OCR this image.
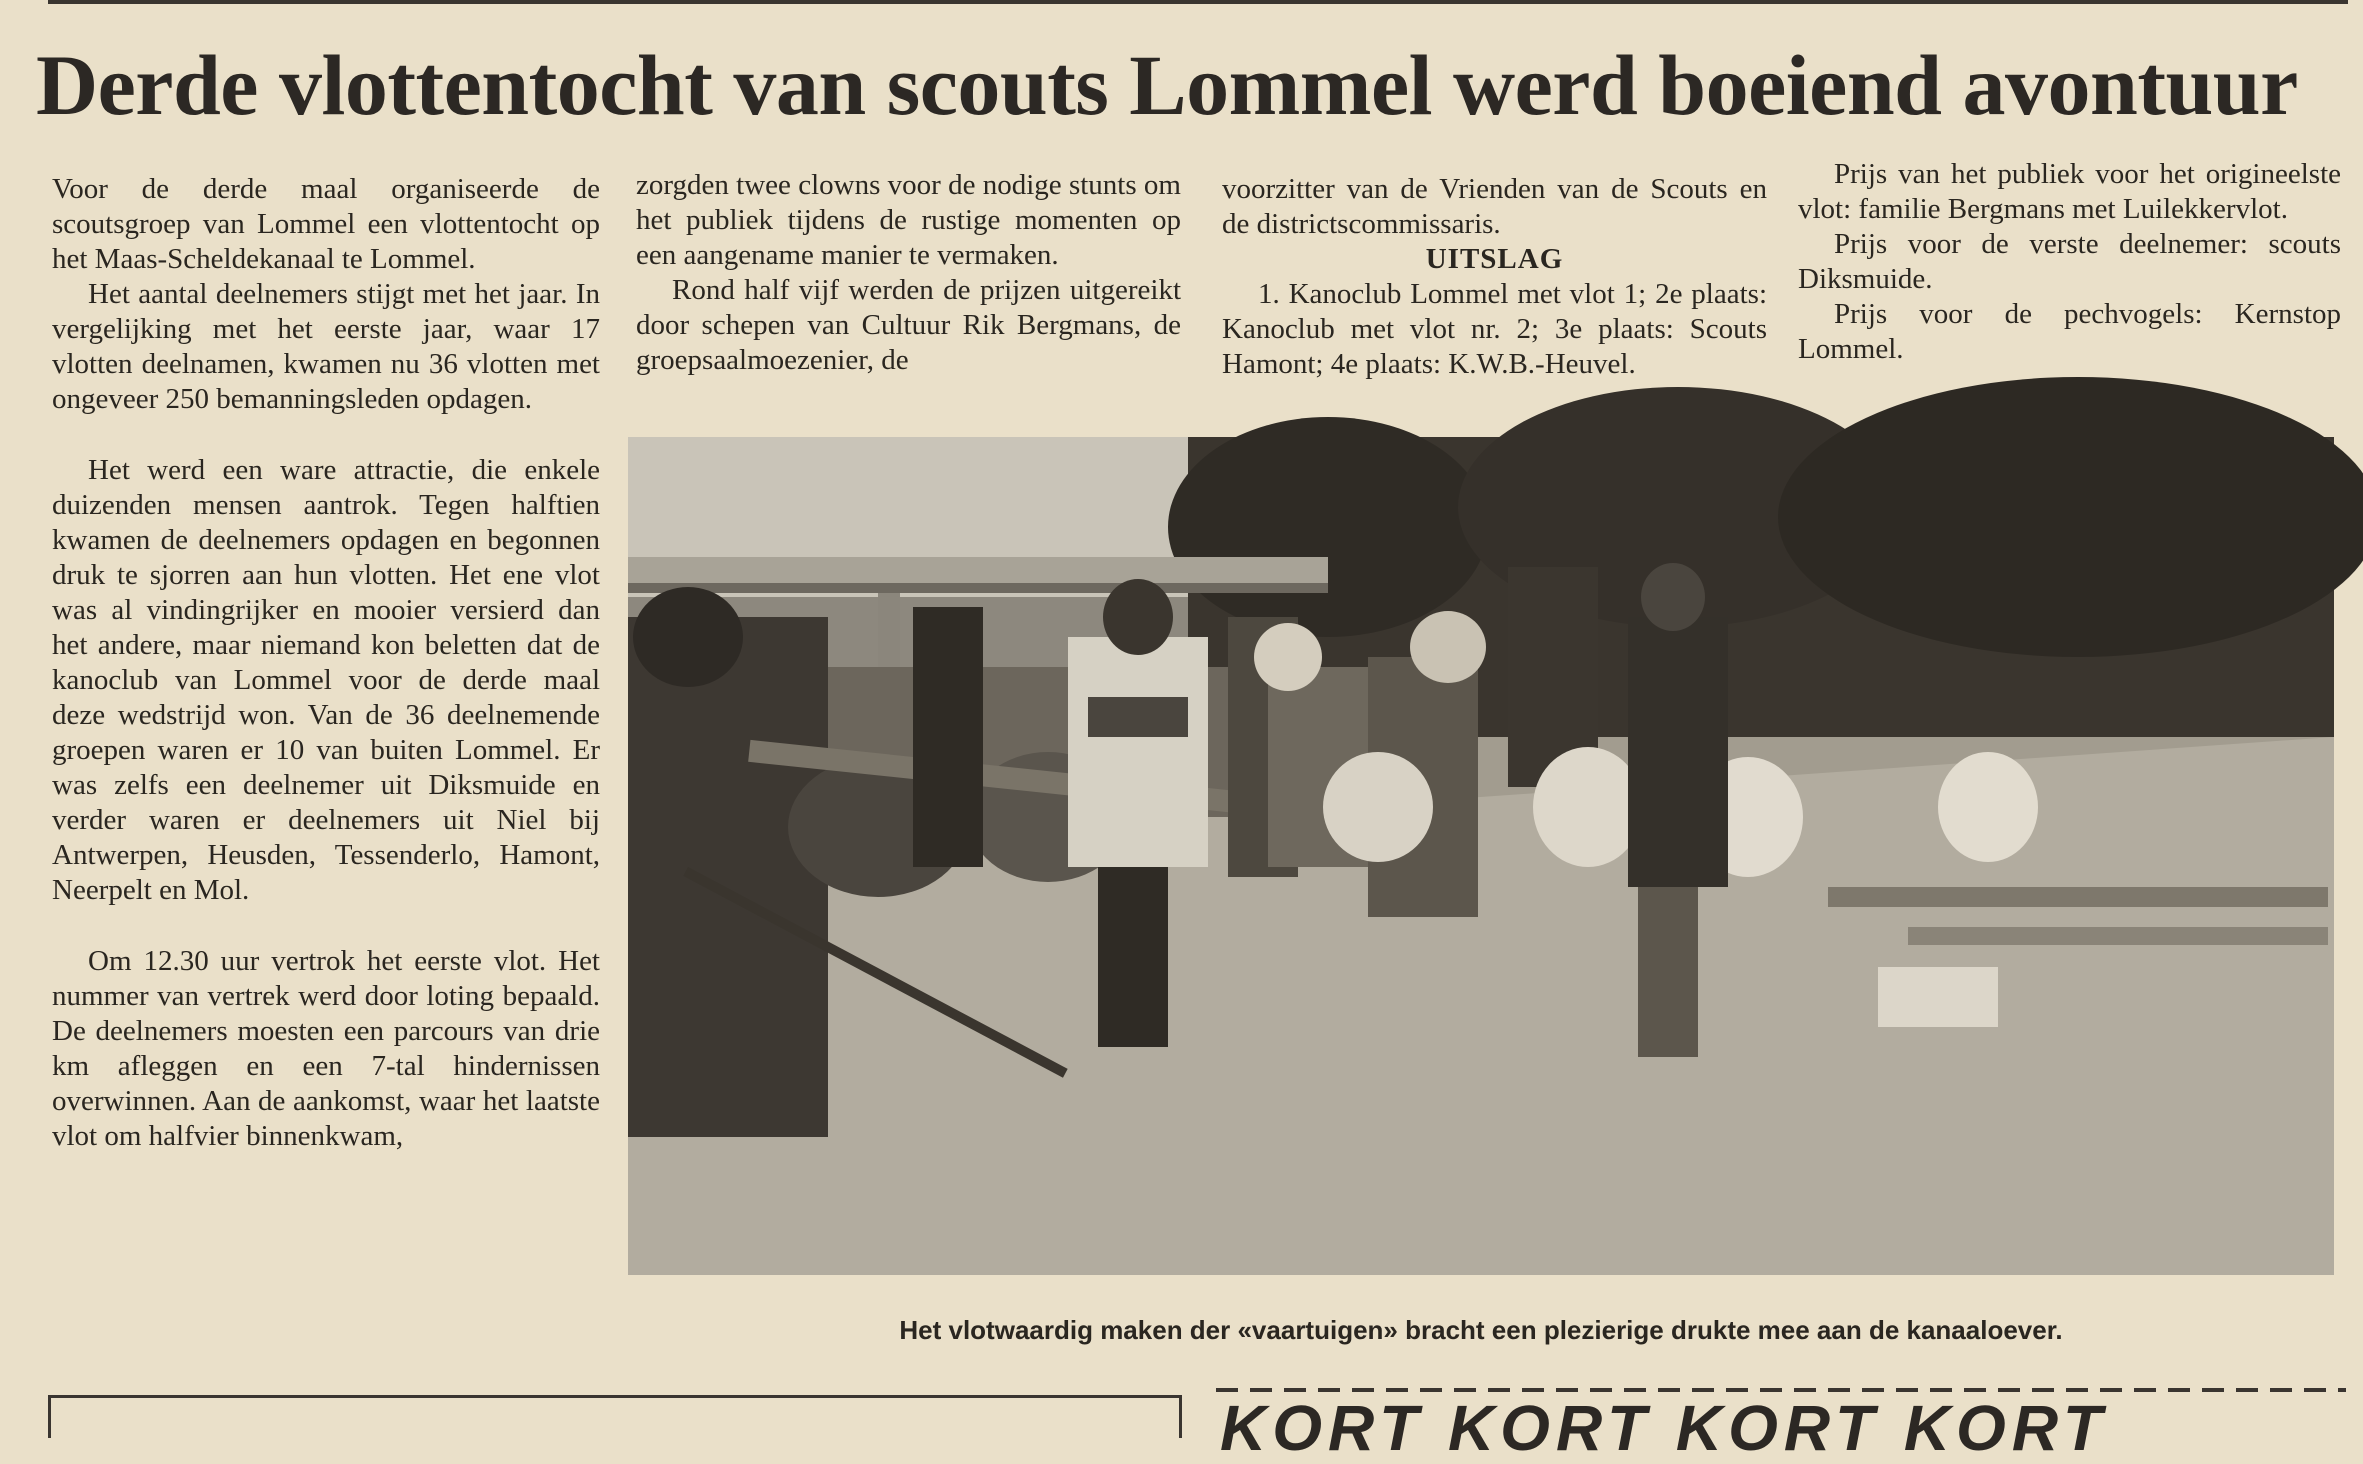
Derde vlottentocht van scouts Lommel werd boeiend avontuur

Voor de derde maal organiseerde de scoutsgroep van Lommel een vlottentocht op het Maas-Scheldekanaal te Lommel.

Het aantal deelnemers stijgt met het jaar. In vergelijking met het eerste jaar, waar 17 vlotten deelnamen, kwamen nu 36 vlotten met ongeveer 250 bemanningsleden opdagen.

Het werd een ware attractie, die enkele duizenden mensen aantrok. Tegen halftien kwamen de deelnemers opdagen en begonnen druk te sjorren aan hun vlotten. Het ene vlot was al vindingrijker en mooier versierd dan het andere, maar niemand kon beletten dat de kanoclub van Lommel voor de derde maal deze wedstrijd won. Van de 36 deelnemende groepen waren er 10 van buiten Lommel. Er was zelfs een deelnemer uit Diksmuide en verder waren er deelnemers uit Niel bij Antwerpen, Heusden, Tessenderlo, Hamont, Neerpelt en Mol.

Om 12.30 uur vertrok het eerste vlot. Het nummer van vertrek werd door loting bepaald. De deelnemers moesten een parcours van drie km afleggen en een 7-tal hindernissen overwinnen. Aan de aankomst, waar het laatste vlot om halfvier binnenkwam,

zorgden twee clowns voor de nodige stunts om het publiek tijdens de rustige momenten op een aangename manier te vermaken.

Rond half vijf werden de prijzen uitgereikt door schepen van Cultuur Rik Bergmans, de groepsaalmoezenier, de

voorzitter van de Vrienden van de Scouts en de districtscommissaris.

UITSLAG

1. Kanoclub Lommel met vlot 1; 2e plaats: Kanoclub met vlot nr. 2; 3e plaats: Scouts Hamont; 4e plaats: K.W.B.-Heuvel.

Prijs van het publiek voor het origineelste vlot: familie Bergmans met Luilekkervlot.

Prijs voor de verste deelnemer: scouts Diksmuide.

Prijs voor de pechvogels: Kernstop Lommel.

Het vlotwaardig maken der «vaartuigen» bracht een plezierige drukte mee aan de kanaaloever.
KORT KORT KORT KORT
